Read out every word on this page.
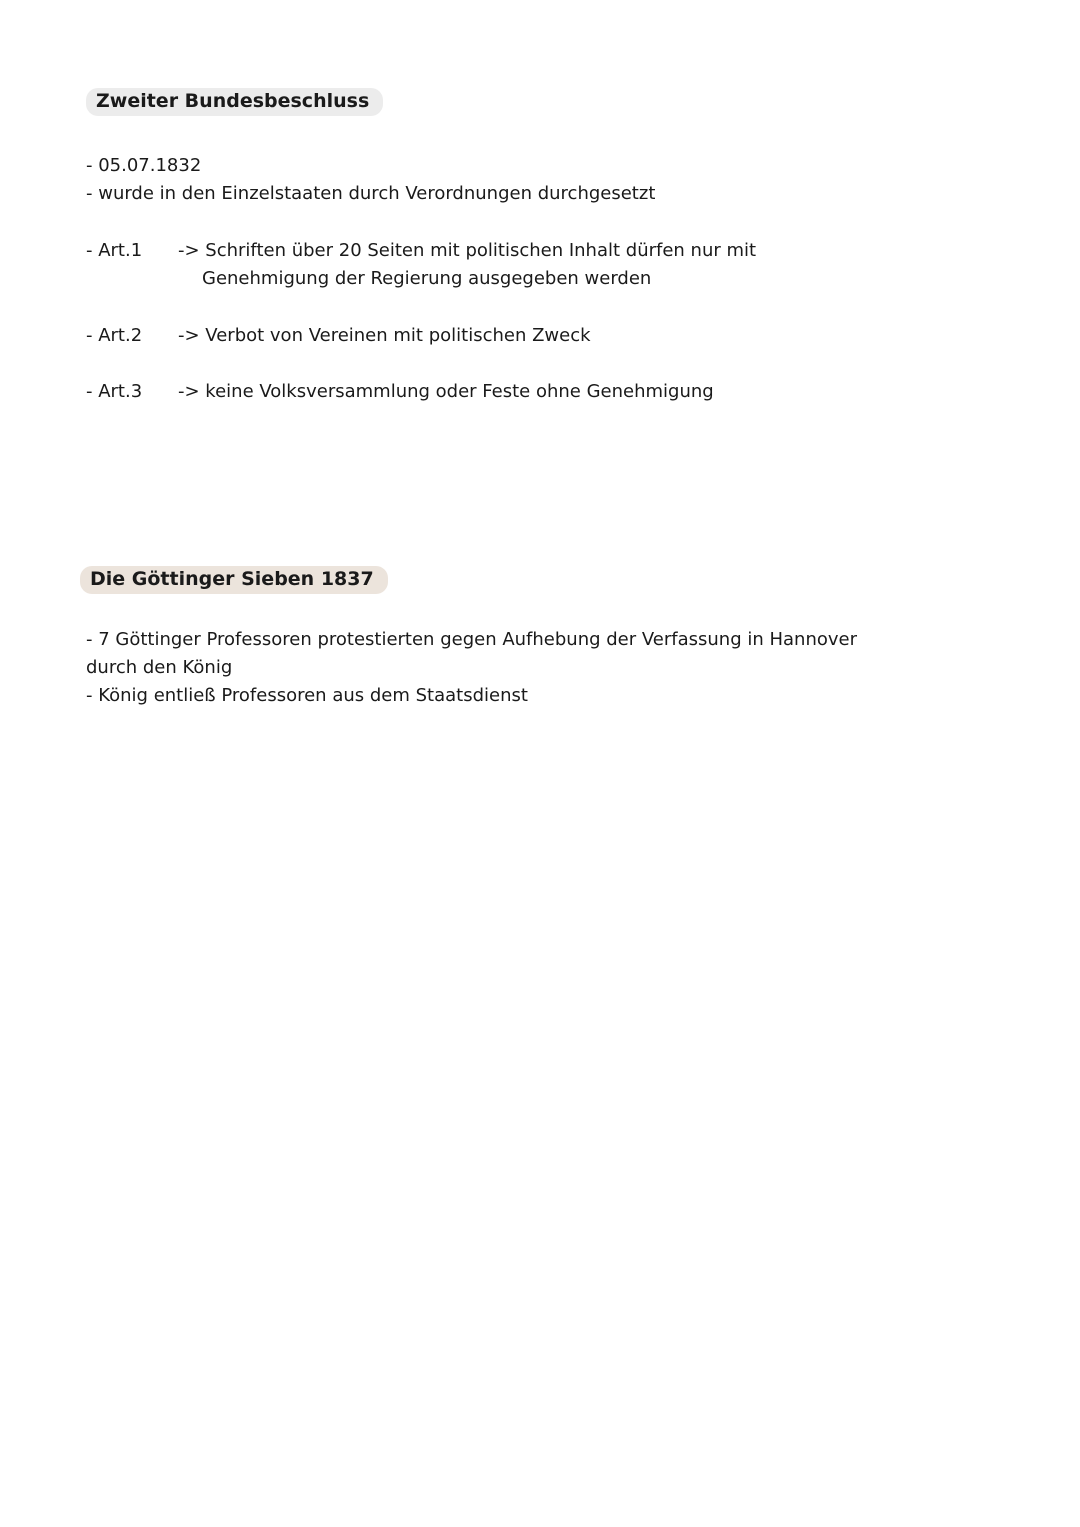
Zweiter Bundesbeschluss
- 05.07.1832
- wurde in den Einzelstaaten durch Verordnungen durchgesetzt
- Art.1 -> Schriften über 20 Seiten mit politischen Inhalt dürfen nur mit
Genehmigung der Regierung ausgegeben werden
- Art.2 -> Verbot von Vereinen mit politischen Zweck
- Art.3 -> keine Volksversammlung oder Feste ohne Genehmigung
Die Göttinger Sieben 1837
- 7 Göttinger Professoren protestierten gegen Aufhebung der Verfassung in Hannover
durch den König
- König entließ Professoren aus dem Staatsdienst
